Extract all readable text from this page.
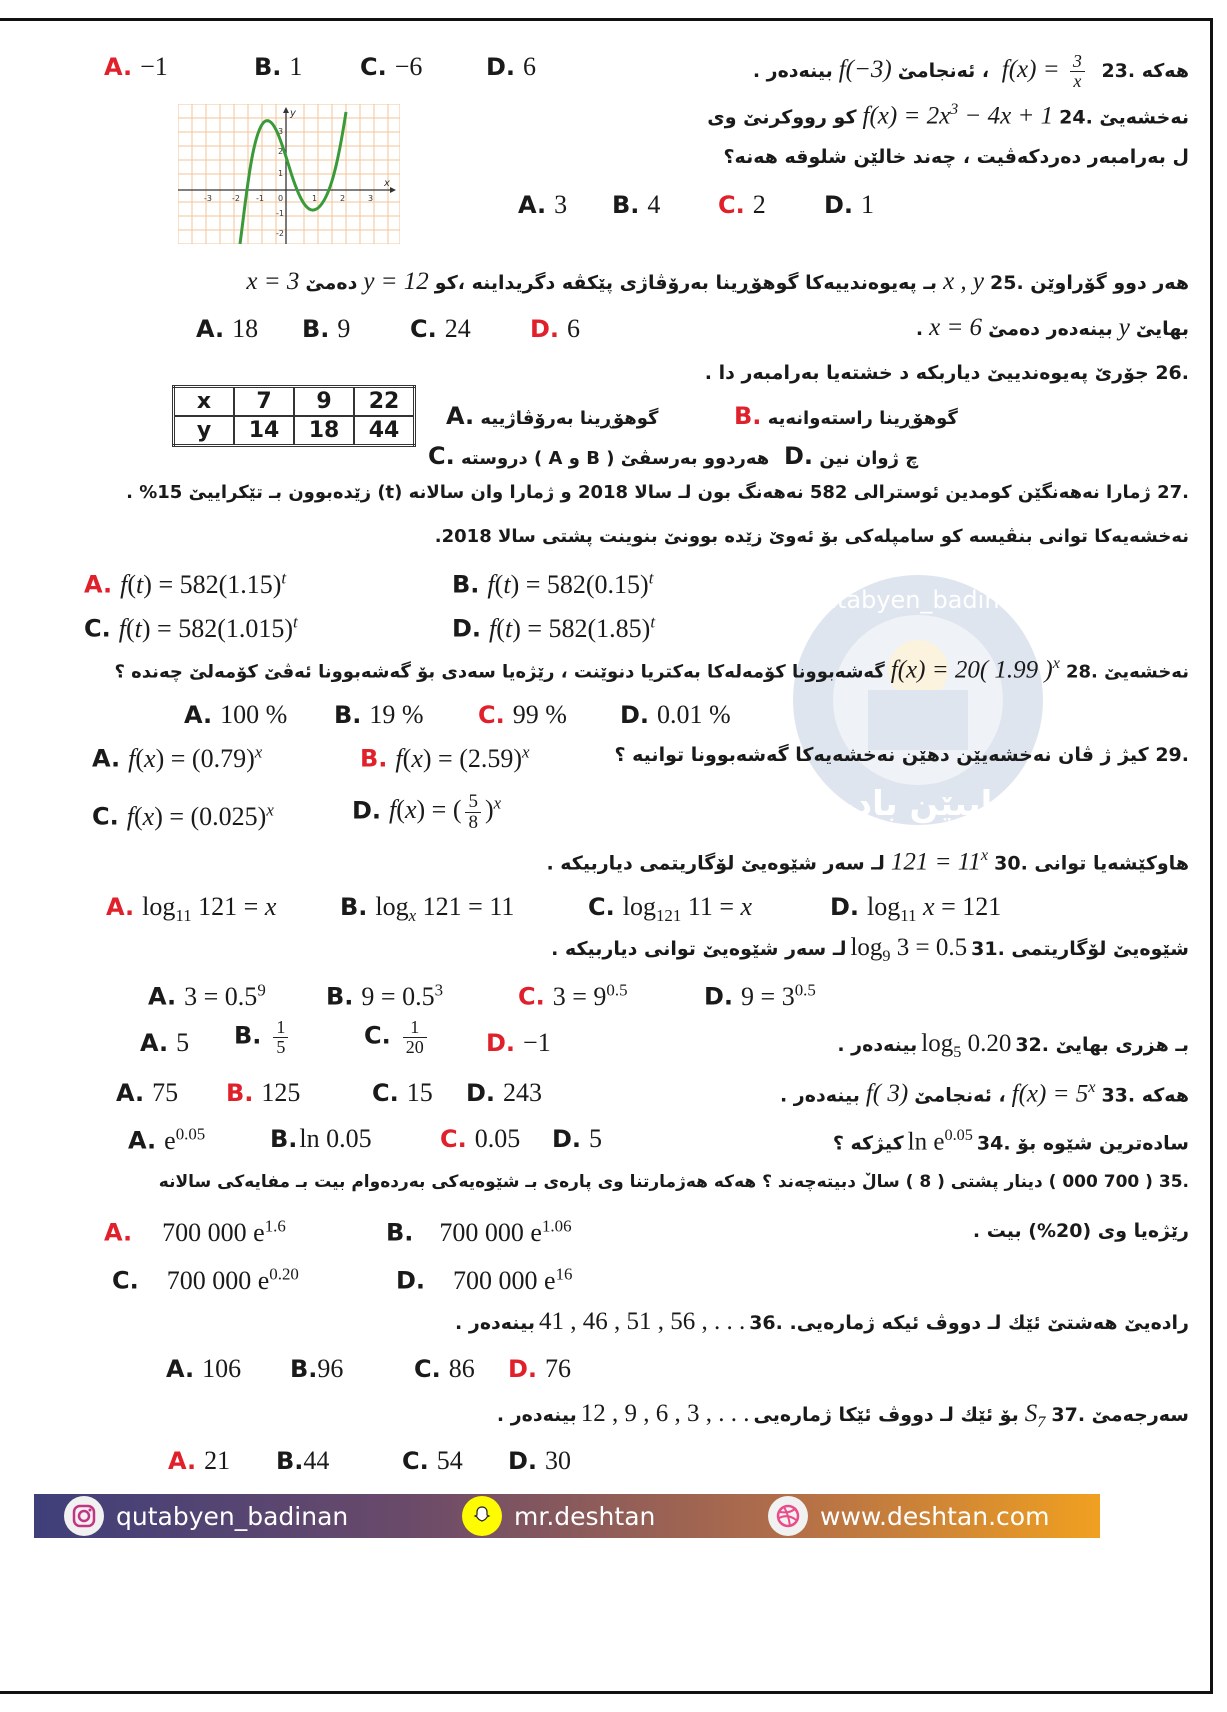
qutabyen_badinan
قوتابیێن بادینان
هەکە .23 $f(x) = \frac{3}{x}$
، ئەنجامێf(−3)بینەدەر .
A. −1	B. 1 C. −6	D. 6
نەخشەیێ $.24f(x) = 2x^3 - 4x$ + 1کو رووکرنێ وی
ل بەرامبەر دەردکەڤیت ، چەند خالێن شلوقە هەنە؟
x
y
-3	-2 -1 0	1	2	3
3
2
1
-1
-2
A. 3 B. 4 C. 2 D. 1
هەر دوو گۆراوێن .25x , yبـ پەیوەندییەکا گوهۆڕینا بەرۆڤاژی پێکڤە دگریداینە ،کوy = 12دەمێx = 3
بهایێyبینەدەر دەمێx = 6.
A. 18 B. 9 C. 24 D. 6
.26 جۆرێ پەیوەندییێ دیاربکە د خشتەیا بەرامبەر دا .
x	7	9	22
y	14	18	44
A. گوهۆڕینا بەرۆڤاژییە	B. گوهۆڕینا راستەوانەیە
C. هەردوو بەرسڤێ ( B و A ) دروستە D. چ ژوان نین
.27 ژمارا نەهەنگێن کومدین ئوسترالی 582 نەهەنگ بون لـ سالا 2018 و ژمارا وان سالانە (t) زێدەبوون بـ تێکراییێ 15% .
نەخشەیەکا توانی بنڤیسە کو سامپلەکی بۆ ئەوێ زێدە بوونێ بنوینت پشتی سالا 2018.
A. $f(t) = 582(1.15)^t$	B. $f(t) = 582(0.15)^t$
C. $f(t) = 582(1.015)^t$	D. $f(t) = 582(1.85)^t$
نەخشەیێ .28f(x) = 20( 1.99 )$^x$گەشەبوونا کۆمەلەکا بەکتریا دنوێنت ، رێژەیا سەدی بۆ گەشەبوونا ئەڤێ کۆمەلێ چەندە ؟
A. 100 % B. 19 % C. 99 % D. 0.01 %
.29 کیژ ژ ڤان نەخشەیێن دهێن نەخشەیەکا گەشەبوونا توانیە ؟
A. $f(x) = (0.79)^x$	B. $f(x) = (2.59)^x$
C. $f(x) = (0.025)^x$	D. f(x) = ( $\frac{5}{8} )^x$
هاوکێشەیا توانی $.30121 = 11^xلـ$ سەر شێوەیێ لۆگاریتمی دیاربیکە .
A. $\log_{11} 121 = x$	B. $\log_x 121 = 11$	C. $\log_{121} 11 = x$	D. $\log_{11} x = 121$
شێوەیێ لۆگاریتمی $.31\log_9$ 3 = 0.5لـ سەر شێوەیێ توانی دیاربیکە .
A. $3 = 0.5^9$	B. $9 = 0.5^3$	C. $3 = 9^{0.5}$	D. $9 = 3^{0.5}$
بـ هزری بهایێ $.32\log_5$ 0.20بینەدەر .
A. 5 B. $\frac{1}{5}$	C. $\frac{1}{20} D$. −1
هەکە $.33f(x) = 5^x،$ ئەنجامێf( 3)بینەدەر .
A. 75 B. 125	C. 15 D. 243
سادەترین شێوە بۆ .34ln $e^{0.05}کیژکە$ ؟
A. $e^{0.05}$	B.ln 0.05	C. 0.05 D. 5
.35 ( 700 000 ) دینار پشتی ( 8 ) سالٚ دبیتەچەند ؟ هەکە هەژمارتنا وی پارەی بـ شێوەیەکی بەردەوام بیت بـ مفایەکی سالانە
رێژەیا وی (20%) بیت .
A. 700 000 $e^{1.6}$	B. 700 000 $e^{1.06}$
C. 700 000 $e^{0.20}$	D. 700 000 $e^{16}$
رادەیێ هەشتێ ئێك لـ دووڤ ئیکە ژمارەیی. .3641 , 46 , 51 , 56 , . . .بینەدەر .
A. 106 B.96	C. 86 D. 76
سەرجەمێ $.37S_7بۆ$ ئێك لـ دووڤ ئێکا ژمارەیی12 , 9 , 6 , 3 , . . .بینەدەر .
A. 21 B.44	C. 54 D. 30
qutabyen_badinan	mr.deshtan	www.deshtan.com
